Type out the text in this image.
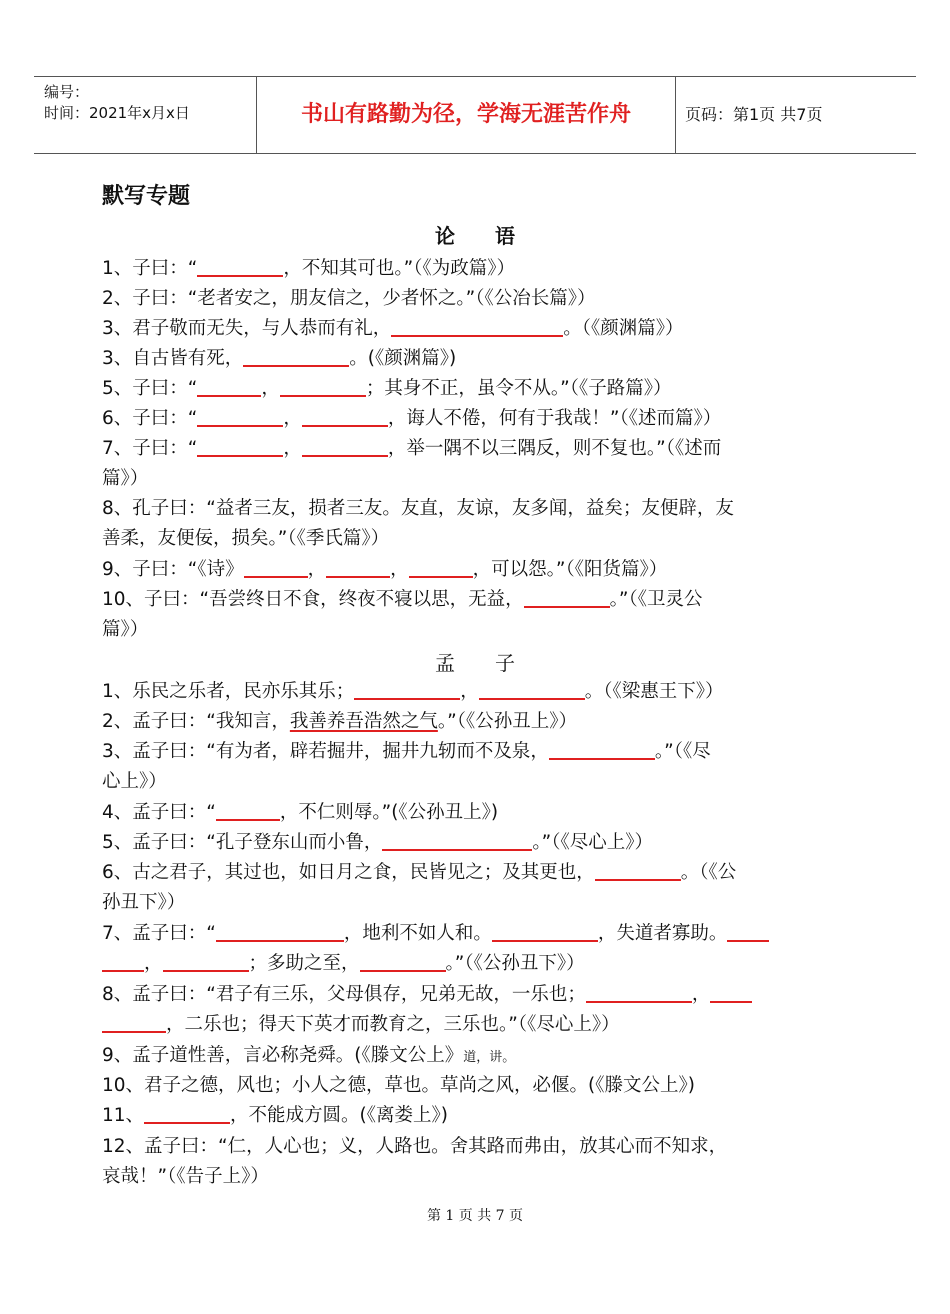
编号：
时间：2021年x月x日	书山有路勤为径，学海无涯苦作舟	页码：第1页 共7页
默写专题
论语
1、子曰：“	，不知其可也。”（《为政篇》）
2、子曰：“老者安之，朋友信之，少者怀之。”（《公冶长篇》）
3、君子敬而无失，与人恭而有礼，	。（《颜渊篇》）
3、自古皆有死，	。(《颜渊篇》)
5、子曰：“	，	；其身不正，虽令不从。”（《子路篇》）
6、子曰：“	，	，诲人不倦，何有于我哉！”（《述而篇》）
7、子曰：“	，	，举一隅不以三隅反，则不复也。”（《述而
篇》）
8、孔子曰：“益者三友，损者三友。友直，友谅，友多闻，益矣；友便辟，友
善柔，友便佞，损矣。”（《季氏篇》）
9、子曰：“《诗》	，	，	，可以怨。”（《阳货篇》）
10、子曰：“吾尝终日不食，终夜不寝以思，无益，	。”（《卫灵公
篇》）
孟子
1、乐民之乐者，民亦乐其乐；	，	。（《梁惠王下》）
2、孟子曰：“我知言，我善养吾浩然之气。”（《公孙丑上》）
3、孟子曰：“有为者，辟若掘井，掘井九轫而不及泉，	。”（《尽
心上》）
4、孟子曰：“	，不仁则辱。”(《公孙丑上》)
5、孟子曰：“孔子登东山而小鲁，	。”（《尽心上》）
6、古之君子，其过也，如日月之食，民皆见之；及其更也，	。（《公
孙丑下》）
7、孟子曰：“	，地利不如人和。	，失道者寡助。
，	；多助之至，	。”（《公孙丑下》）
8、孟子曰：“君子有三乐，父母俱存，兄弟无故，一乐也；	，
，二乐也；得天下英才而教育之，三乐也。”（《尽心上》）
9、孟子道性善，言必称尧舜。(《滕文公上》道，讲。
10、君子之德，风也；小人之德，草也。草尚之风，必偃。(《滕文公上》)
11、	，不能成方圆。(《离娄上》)
12、孟子曰：“仁，人心也；义，人路也。舍其路而弗由，放其心而不知求，
哀哉！”（《告子上》）
第 1 页 共 7 页
